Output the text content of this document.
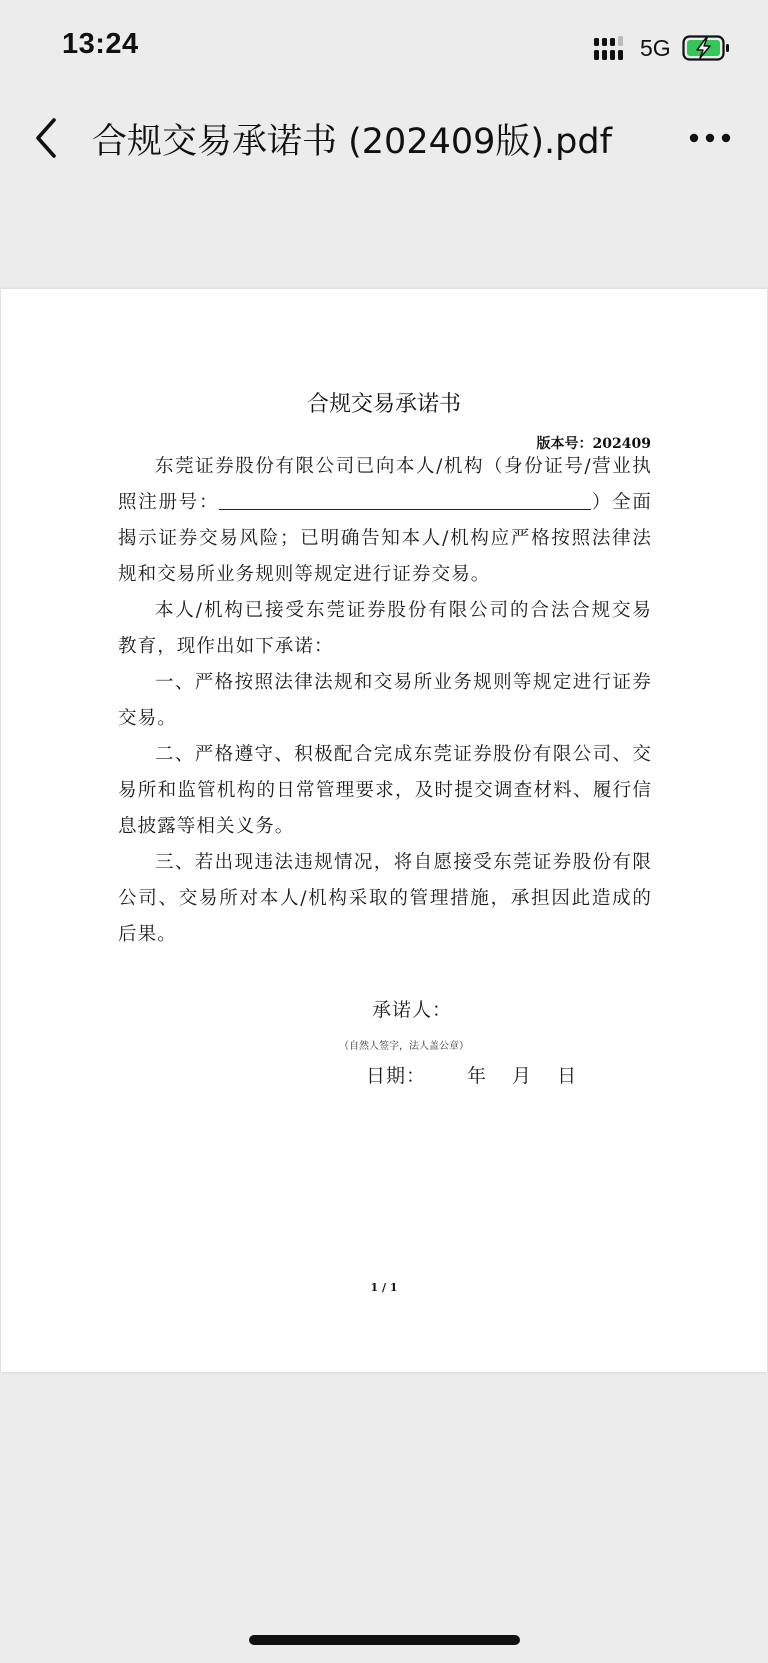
13:24	5G
合规交易承诺书 (202409版).pdf
合规交易承诺书
版本号：202409

东莞证券股份有限公司已向本人/机构（身份证号/营业执照注册号：	）全面揭示证券交易风险；已明确告知本人/机构应严格按照法律法规和交易所业务规则等规定进行证券交易。

本人/机构已接受东莞证券股份有限公司的合法合规交易教育，现作出如下承诺：

一、严格按照法律法规和交易所业务规则等规定进行证券交易。

二、严格遵守、积极配合完成东莞证券股份有限公司、交易所和监管机构的日常管理要求，及时提交调查材料、履行信息披露等相关义务。

三、若出现违法违规情况，将自愿接受东莞证券股份有限公司、交易所对本人/机构采取的管理措施，承担因此造成的后果。

承诺人：
（自然人签字，法人盖公章）
日期： 年 月 日
1 / 1
